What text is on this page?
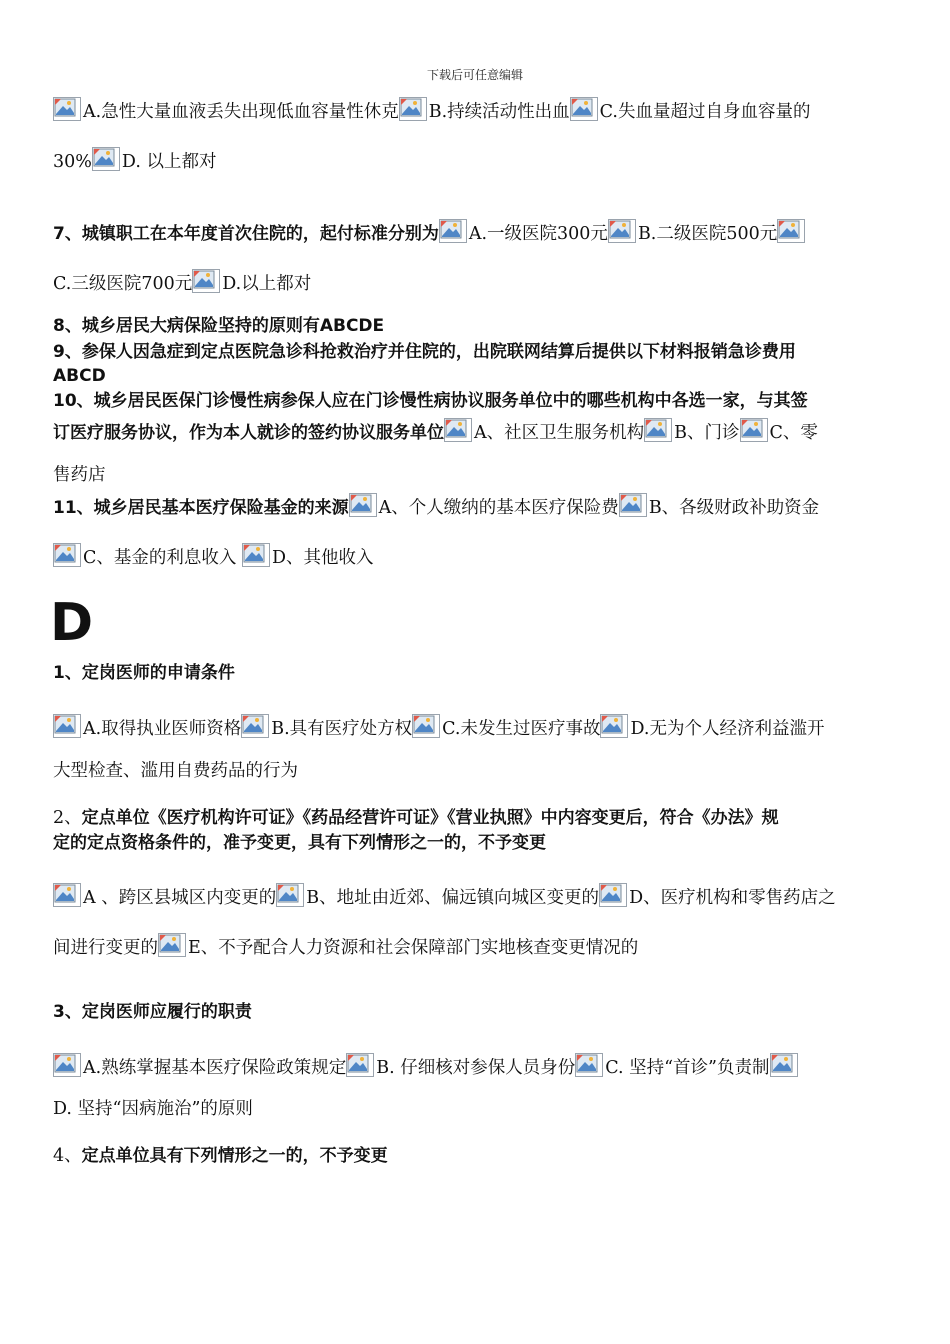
下载后可任意编辑
A.急性大量血液丢失出现低血容量性休克 B.持续活动性出血 C.失血量超过自身血容量的
30% D. 以上都对
7、城镇职工在本年度首次住院的，起付标准分别为 A.一级医院300元 B.二级医院500元
C.三级医院700元 D.以上都对
8、城乡居民大病保险坚持的原则有ABCDE
9、参保人因急症到定点医院急诊科抢救治疗并住院的，出院联网结算后提供以下材料报销急诊费用
ABCD
10、城乡居民医保门诊慢性病参保人应在门诊慢性病协议服务单位中的哪些机构中各选一家，与其签
订医疗服务协议，作为本人就诊的签约协议服务单位 A、社区卫生服务机构 B、门诊 C、零
售药店
11、城乡居民基本医疗保险基金的来源 A、个人缴纳的基本医疗保险费 B、各级财政补助资金
C、基金的利息收入
D、其他收入
1、定岗医师的申请条件
A.取得执业医师资格 B.具有医疗处方权 C.未发生过医疗事故 D.无为个人经济利益滥开
大型检查、滥用自费药品的行为
2、定点单位《医疗机构许可证》《药品经营许可证》《营业执照》中内容变更后，符合《办法》规
定的定点资格条件的，准予变更，具有下列情形之一的，不予变更
A 、跨区县城区内变更的 B、地址由近郊、偏远镇向城区变更的 D、医疗机构和零售药店之
间进行变更的 E、不予配合人力资源和社会保障部门实地核查变更情况的
3、定岗医师应履行的职责
A.熟练掌握基本医疗保险政策规定 B. 仔细核对参保人员身份 C. 坚持“首诊”负责制
D. 坚持“因病施治”的原则
4、定点单位具有下列情形之一的，不予变更
D
